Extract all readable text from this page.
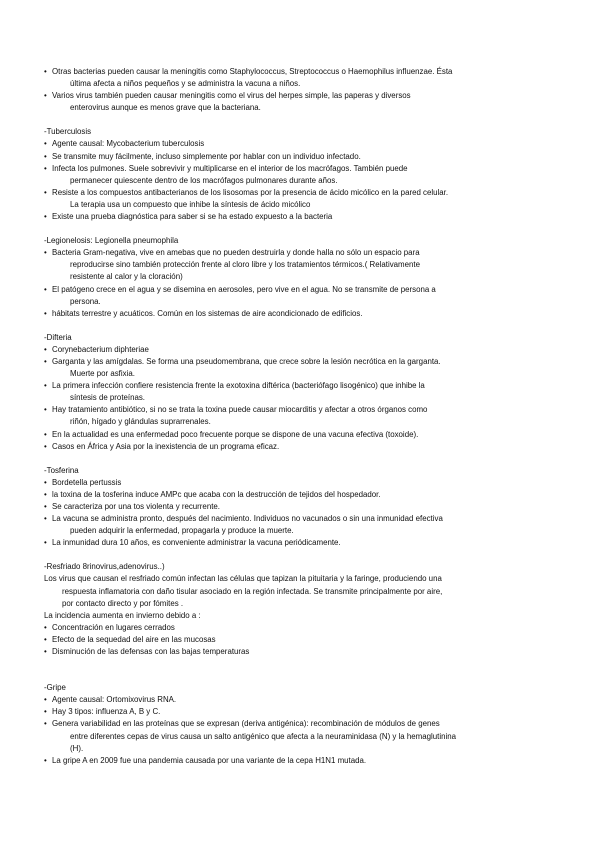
• Otras bacterias pueden causar la meningitis como Staphylococcus, Streptococcus o Haemophilus influenzae. Ésta
última afecta a niños pequeños y se administra la vacuna a niños.
• Varios virus también pueden causar meningitis como el virus del herpes simple, las paperas y diversos
enterovirus aunque es menos grave que la bacteriana.
-Tuberculosis
• Agente causal: Mycobacterium tuberculosis
• Se transmite muy fácilmente, incluso simplemente por hablar con un individuo infectado.
• Infecta los pulmones. Suele sobrevivir y multiplicarse en el interior de los macrófagos. También puede
permanecer quiescente dentro de los macrófagos pulmonares durante años.
• Resiste a los compuestos antibacterianos de los lisosomas por la presencia de ácido micólico en la pared celular.
La terapia usa un compuesto que inhibe la síntesis de ácido micólico
• Existe una prueba diagnóstica para saber si se ha estado expuesto a la bacteria
-Legionelosis: Legionella pneumophila
• Bacteria Gram-negativa, vive en amebas que no pueden destruirla y donde halla no sólo un espacio para
reproducirse sino también protección frente al cloro libre y los tratamientos térmicos.( Relativamente
resistente al calor y la cloración)
• El patógeno crece en el agua y se disemina en aerosoles, pero vive en el agua. No se transmite de persona a
persona.
• hábitats terrestre y acuáticos. Común en los sistemas de aire acondicionado de edificios.
-Difteria
• Corynebacterium diphteriae
• Garganta y las amígdalas. Se forma una pseudomembrana, que crece sobre la lesión necrótica en la garganta.
Muerte por asfixia.
• La primera infección confiere resistencia frente la exotoxina diftérica (bacteriófago lisogénico) que inhibe la
síntesis de proteínas.
• Hay tratamiento antibiótico, si no se trata la toxina puede causar miocarditis y afectar a otros órganos como
riñón, hígado y glándulas suprarrenales.
• En la actualidad es una enfermedad poco frecuente porque se dispone de una vacuna efectiva (toxoide).
• Casos en África y Asia por la inexistencia de un programa eficaz.
-Tosferina
• Bordetella pertussis
• la toxina de la tosferina induce AMPc que acaba con la destrucción de tejidos del hospedador.
• Se caracteriza por una tos violenta y recurrente.
• La vacuna se administra pronto, después del nacimiento. Individuos no vacunados o sin una inmunidad efectiva
pueden adquirir la enfermedad, propagarla y produce la muerte.
• La inmunidad dura 10 años, es conveniente administrar la vacuna periódicamente.
-Resfriado 8rinovirus,adenovirus..)
Los virus que causan el resfriado común infectan las células que tapizan la pituitaria y la faringe, produciendo una
respuesta inflamatoria con daño tisular asociado en la región infectada. Se transmite principalmente por aire,
por contacto directo y por fómites .
La incidencia aumenta en invierno debido a :
• Concentración en lugares cerrados
• Efecto de la sequedad del aire en las mucosas
• Disminución de las defensas con las bajas temperaturas
-Gripe
• Agente causal: Ortomixovirus RNA.
• Hay 3 tipos: influenza A, B y C.
• Genera variabilidad en las proteínas que se expresan (deriva antigénica): recombinación de módulos de genes
entre diferentes cepas de virus causa un salto antigénico que afecta a la neuraminidasa (N) y la hemaglutinina
(H).
• La gripe A en 2009 fue una pandemia causada por una variante de la cepa H1N1 mutada.
